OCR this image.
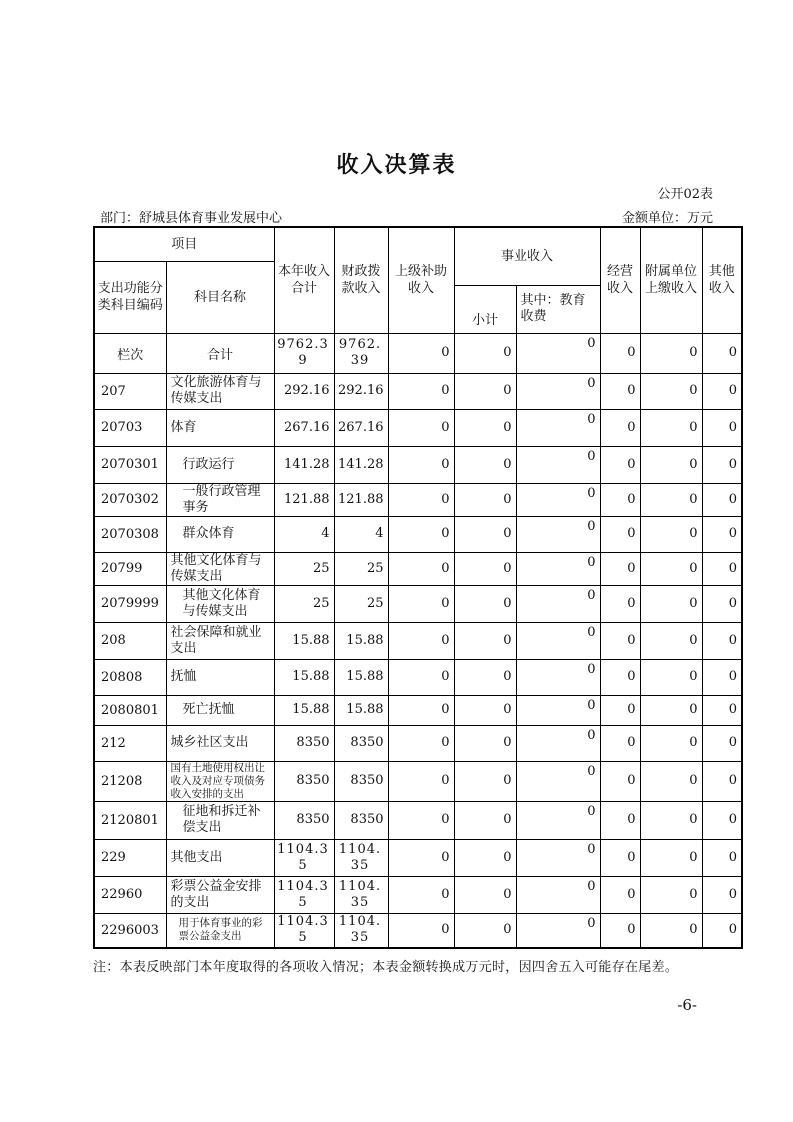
收入决算表
公开02表
部门：舒城县体育事业发展中心	金额单位：万元
项目		本年收入合计	财政拨款收入	上级补助收入	事业收入		经营收入	附属单位上缴收入	其他收入
支出功能分类科目编码	科目名称								
					小计	其中：教育收费			
栏次	合计	9762.39	9762.39	0	0	0	0	0	0
207	文化旅游体育与传媒支出	292.16	292.16	0	0	0	0	0	0
20703	体育	267.16	267.16	0	0	0	0	0	0
2070301	行政运行	141.28	141.28	0	0	0	0	0	0
2070302	一般行政管理事务	121.88	121.88	0	0	0	0	0	0
2070308	群众体育	4	4	0	0	0	0	0	0
20799	其他文化体育与传媒支出	25	25	0	0	0	0	0	0
2079999	其他文化体育与传媒支出	25	25	0	0	0	0	0	0
208	社会保障和就业支出	15.88	15.88	0	0	0	0	0	0
20808	抚恤	15.88	15.88	0	0	0	0	0	0
2080801	死亡抚恤	15.88	15.88	0	0	0	0	0	0
212	城乡社区支出	8350	8350	0	0	0	0	0	0
21208	国有土地使用权出让收入及对应专项债务收入安排的支出	8350	8350	0	0	0	0	0	0
2120801	征地和拆迁补偿支出	8350	8350	0	0	0	0	0	0
229	其他支出	1104.35	1104.35	0	0	0	0	0	0
22960	彩票公益金安排的支出	1104.35	1104.35	0	0	0	0	0	0
2296003	用于体育事业的彩票公益金支出	1104.35	1104.35	0	0	0	0	0	0
注：本表反映部门本年度取得的各项收入情况；本表金额转换成万元时，因四舍五入可能存在尾差。
-6-
